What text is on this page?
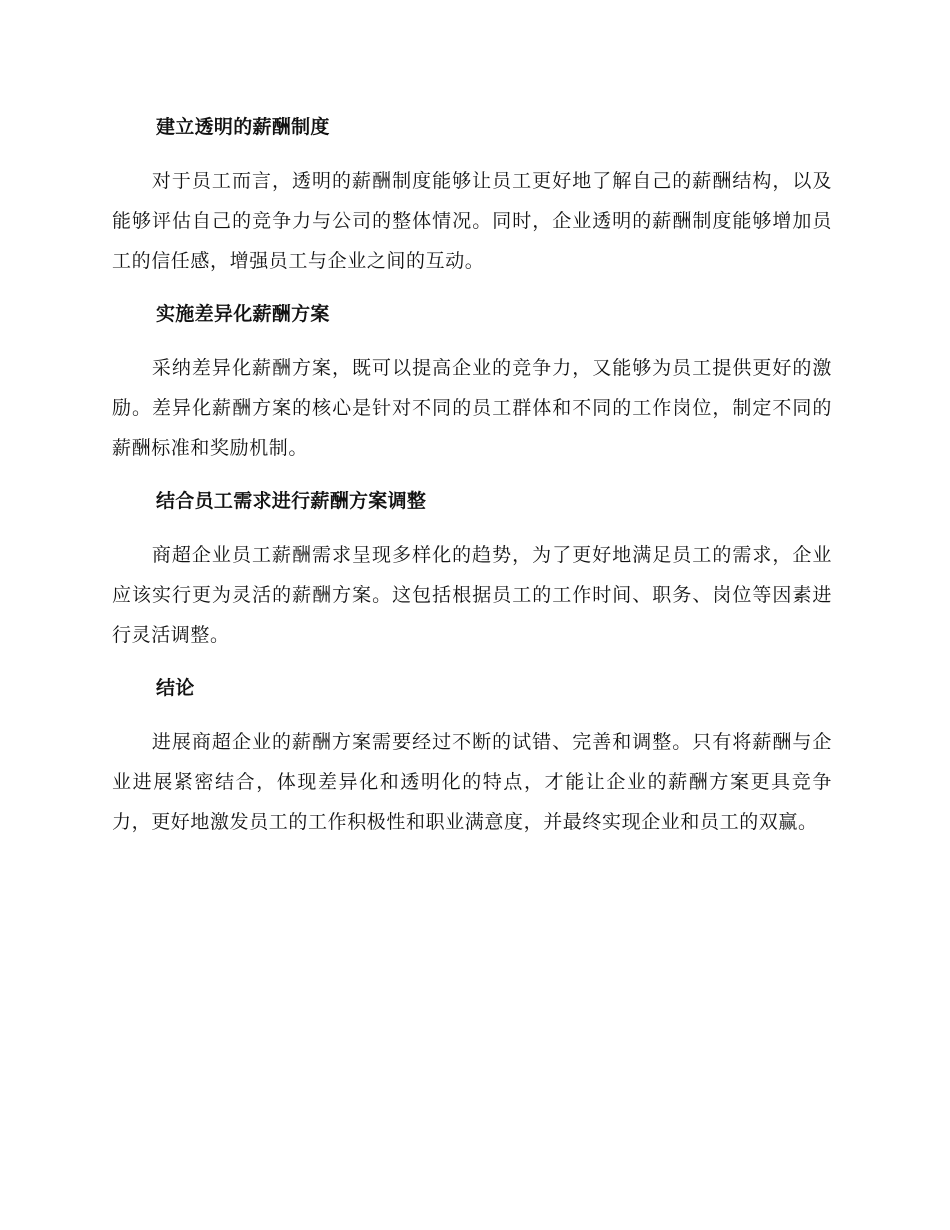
建立透明的薪酬制度

对于员工而言，透明的薪酬制度能够让员工更好地了解自己的薪酬结构，以及能够评估自己的竞争力与公司的整体情况。同时，企业透明的薪酬制度能够增加员工的信任感，增强员工与企业之间的互动。

实施差异化薪酬方案

采纳差异化薪酬方案，既可以提高企业的竞争力，又能够为员工提供更好的激励。差异化薪酬方案的核心是针对不同的员工群体和不同的工作岗位，制定不同的薪酬标准和奖励机制。

结合员工需求进行薪酬方案调整

商超企业员工薪酬需求呈现多样化的趋势，为了更好地满足员工的需求，企业应该实行更为灵活的薪酬方案。这包括根据员工的工作时间、职务、岗位等因素进行灵活调整。

结论

进展商超企业的薪酬方案需要经过不断的试错、完善和调整。只有将薪酬与企业进展紧密结合，体现差异化和透明化的特点，才能让企业的薪酬方案更具竞争力，更好地激发员工的工作积极性和职业满意度，并最终实现企业和员工的双赢。
